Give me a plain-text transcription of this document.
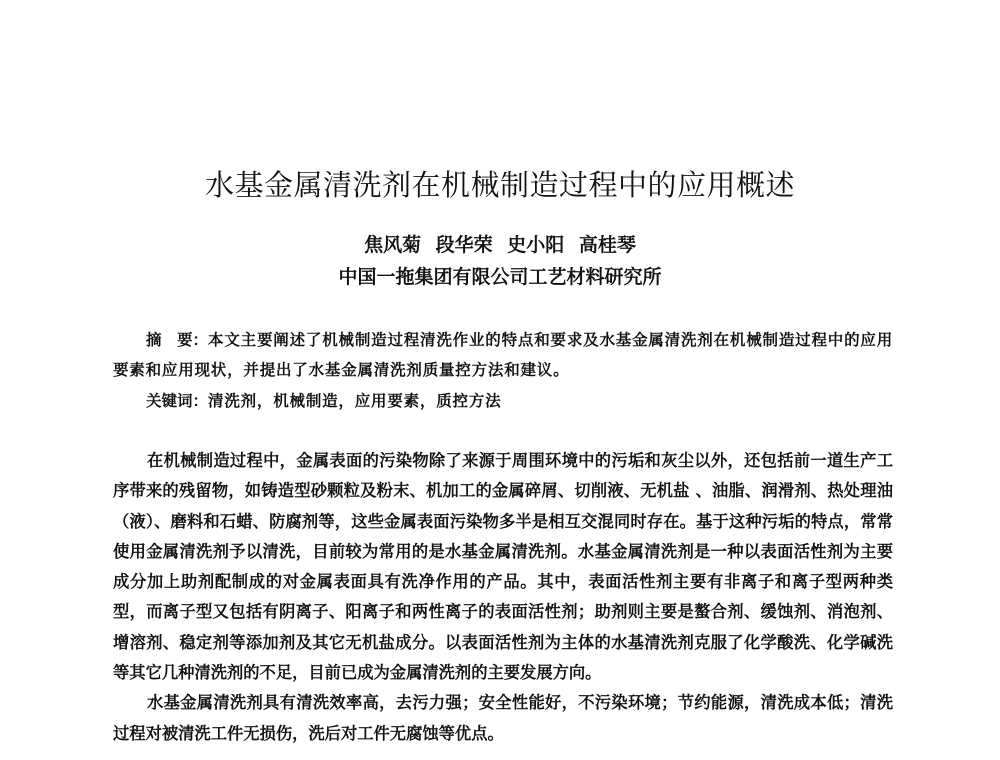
水基金属清洗剂在机械制造过程中的应用概述
焦风菊 段华荣 史小阳 高桂琴
中国一拖集团有限公司工艺材料研究所
摘　要：本文主要阐述了机械制造过程清洗作业的特点和要求及水基金属清洗剂在机械制造过程中的应用要素和应用现状，并提出了水基金属清洗剂质量控方法和建议。
关键词：清洗剂，机械制造，应用要素，质控方法

在机械制造过程中，金属表面的污染物除了来源于周围环境中的污垢和灰尘以外，还包括前一道生产工序带来的残留物，如铸造型砂颗粒及粉末、机加工的金属碎屑、切削液、无机盐 、油脂、润滑剂、热处理油（液）、磨料和石蜡、防腐剂等，这些金属表面污染物多半是相互交混同时存在。基于这种污垢的特点，常常使用金属清洗剂予以清洗，目前较为常用的是水基金属清洗剂。水基金属清洗剂是一种以表面活性剂为主要成分加上助剂配制成的对金属表面具有洗净作用的产品。其中，表面活性剂主要有非离子和离子型两种类型，而离子型又包括有阴离子、阳离子和两性离子的表面活性剂；助剂则主要是螯合剂、缓蚀剂、消泡剂、增溶剂、稳定剂等添加剂及其它无机盐成分。以表面活性剂为主体的水基清洗剂克服了化学酸洗、化学碱洗等其它几种清洗剂的不足，目前已成为金属清洗剂的主要发展方向。

水基金属清洗剂具有清洗效率高，去污力强；安全性能好，不污染环境；节约能源，清洗成本低；清洗过程对被清洗工件无损伤，洗后对工件无腐蚀等优点。
